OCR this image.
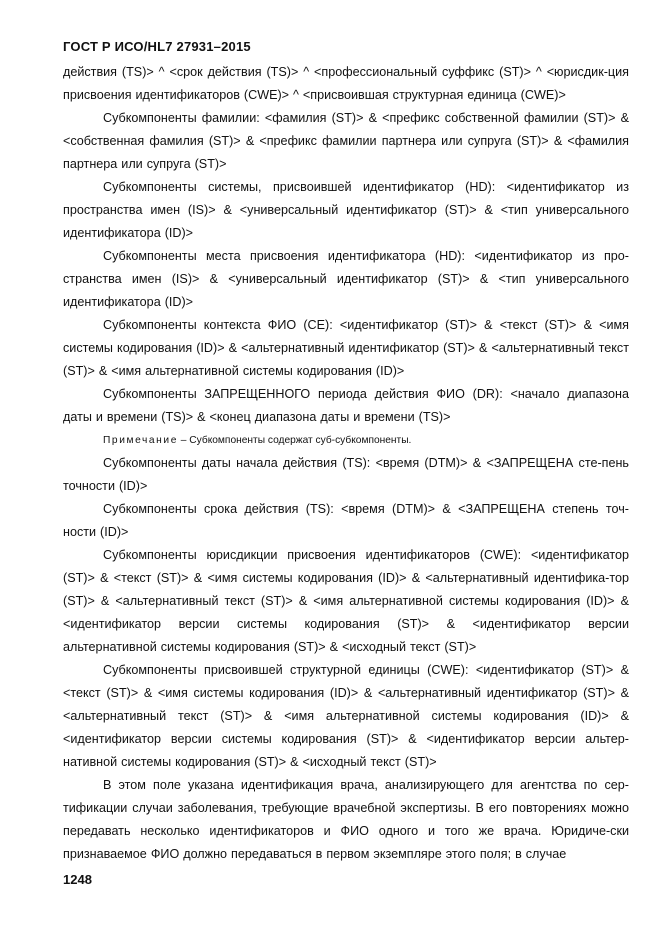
ГОСТ Р ИСО/HL7 27931–2015

действия (TS)> ^ <срок действия (TS)> ^ <профессиональный суффикс (ST)> ^ <юрисдик-ция присвоения идентификаторов (CWE)> ^ <присвоившая структурная единица (CWE)>

Субкомпоненты фамилии: <фамилия (ST)> & <префикс собственной фамилии (ST)> & <собственная фамилия (ST)> & <префикс фамилии партнера или супруга (ST)> & <фамилия партнера или супруга (ST)>

Субкомпоненты системы, присвоившей идентификатор (HD): <идентификатор из пространства имен (IS)> & <универсальный идентификатор (ST)> & <тип универсального идентификатора (ID)>

Субкомпоненты места присвоения идентификатора (HD): <идентификатор из про-странства имен (IS)> & <универсальный идентификатор (ST)> & <тип универсального идентификатора (ID)>

Субкомпоненты контекста ФИО (CE): <идентификатор (ST)> & <текст (ST)> & <имя системы кодирования (ID)> & <альтернативный идентификатор (ST)> & <альтернативный текст (ST)> & <имя альтернативной системы кодирования (ID)>

Субкомпоненты ЗАПРЕЩЕННОГО периода действия ФИО (DR): <начало диапазона даты и времени (TS)> & <конец диапазона даты и времени (TS)>

Примечание – Субкомпоненты содержат суб-субкомпоненты.

Субкомпоненты даты начала действия (TS): <время (DTM)> & <ЗАПРЕЩЕНА сте-пень точности (ID)>

Субкомпоненты срока действия (TS): <время (DTM)> & <ЗАПРЕЩЕНА степень точ-ности (ID)>

Субкомпоненты юрисдикции присвоения идентификаторов (CWE): <идентификатор (ST)> & <текст (ST)> & <имя системы кодирования (ID)> & <альтернативный идентифика-тор (ST)> & <альтернативный текст (ST)> & <имя альтернативной системы кодирования (ID)> & <идентификатор версии системы кодирования (ST)> & <идентификатор версии альтернативной системы кодирования (ST)> & <исходный текст (ST)>

Субкомпоненты присвоившей структурной единицы (CWE): <идентификатор (ST)> & <текст (ST)> & <имя системы кодирования (ID)> & <альтернативный идентификатор (ST)> & <альтернативный текст (ST)> & <имя альтернативной системы кодирования (ID)> & <идентификатор версии системы кодирования (ST)> & <идентификатор версии альтер-нативной системы кодирования (ST)> & <исходный текст (ST)>

В этом поле указана идентификация врача, анализирующего для агентства по сер-тификации случаи заболевания, требующие врачебной экспертизы. В его повторениях можно передавать несколько идентификаторов и ФИО одного и того же врача. Юридиче-ски признаваемое ФИО должно передаваться в первом экземпляре этого поля; в случае

1248
